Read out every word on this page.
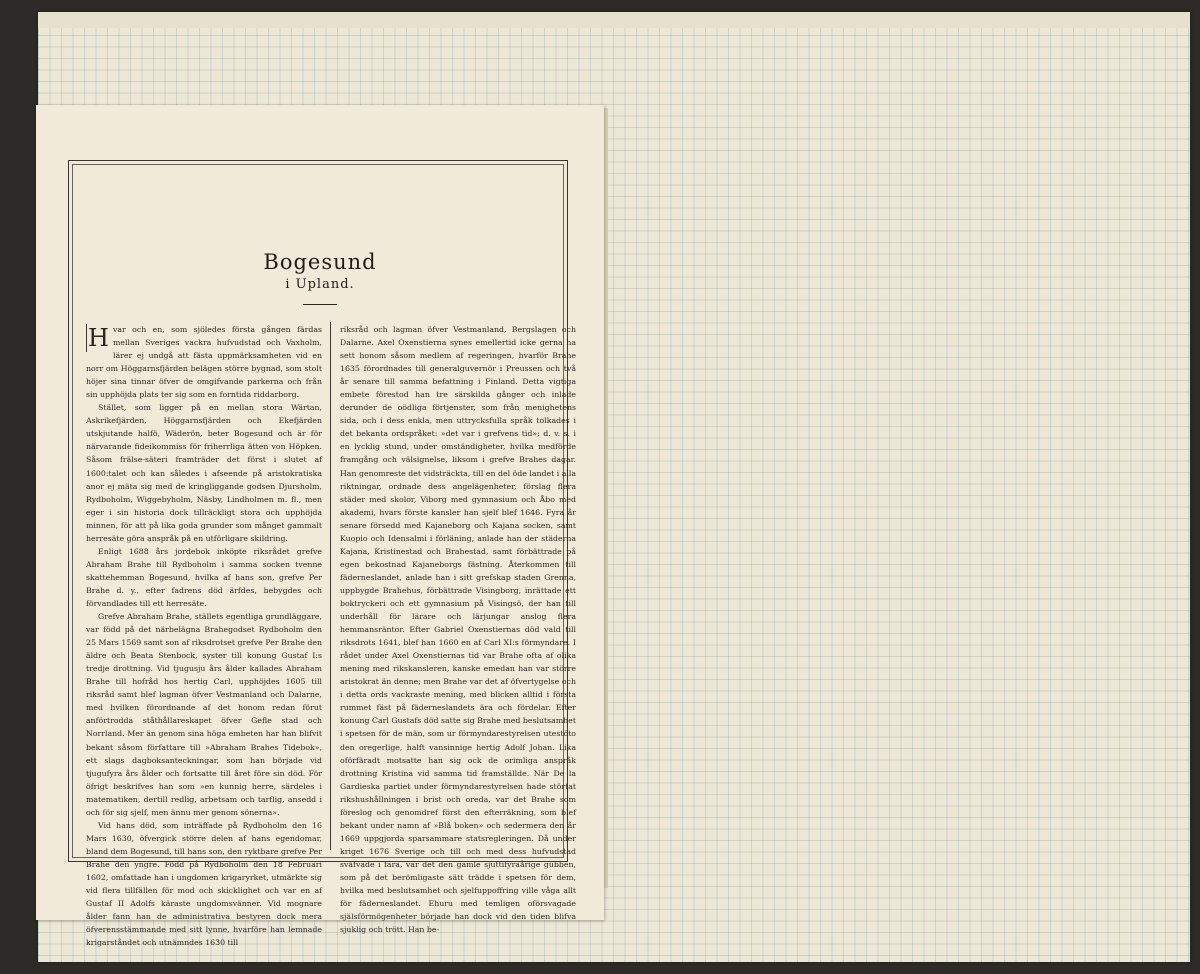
Bogesund
i Upland.

H var och en, som sjöledes första gången färdas mellan Sveriges vackra hufvudstad och Vaxholm, lärer ej undgå att fästa uppmärksamheten vid en norr om Höggarnsfjärden belägen större bygnad, som stolt höjer sina tinnar öfver de omgifvande parkerna och från sin upphöjda plats ter sig som en forntida riddarborg.

Stället, som ligger på en mellan stora Wärtan, Askrikefjärden, Höggarnsfjärden och Ekefjärden utskjutande halfö, Wäderön, beter Bogesund och är för närvarande fideikommiss för friherrliga ätten von Höpken. Såsom frälse-säteri framträder det först i slutet af 1600:talet och kan således i afseende på aristokratiska anor ej mäta sig med de kringliggande godsen Djursholm, Rydboholm, Wiggebyholm, Näsby, Lindholmen m. fl., men eger i sin historia dock tillräckligt stora och upphöjda minnen, för att på lika goda grunder som månget gammalt herresäte göra anspråk på en utförligare skildring.

Enligt 1688 års jordebok inköpte riksrådet grefve Abraham Brahe till Rydboholm i samma socken tvenne skattehemman Bogesund, hvilka af hans son, grefve Per Brahe d. y., efter fadrens död ärfdes, bebygdes och förvandlades till ett herresäte.

Grefve Abraham Brahe, ställets egentliga grundläggare, var född på det närbelägna Brahegodset Rydboholm den 25 Mars 1569 samt son af riksdrotset grefve Per Brahe den äldre och Beata Stenbock, syster till konung Gustaf I:s tredje drottning. Vid tjugusju års ålder kallades Abraham Brahe till hofråd hos hertig Carl, upphöjdes 1605 till riksråd samt blef lagman öfver Vestmanland och Dalarne, med hvilken förordnande af det honom redan förut anförtrodda ståthållareskapet öfver Gefle stad och Norrland. Mer än genom sina höga embeten har han blifvit bekant såsom författare till »Abraham Brahes Tidebok», ett slags dagboksanteckningar, som han började vid tjugufyra års ålder och fortsatte till året före sin död. För öfrigt beskrifves han som »en kunnig herre, särdeles i matematiken, dertill redlig, arbetsam och tarflig, ansedd i och för sig sjelf, men ännu mer genom sönerna».

Vid hans död, som inträffade på Rydboholm den 16 Mars 1630, öfvergick större delen af hans egendomar, bland dem Bogesund, till hans son, den ryktbare grefve Per Brahe den yngre. Född på Rydboholm den 18 Februari 1602, omfattade han i ungdomen krigaryrket, utmärkte sig vid flera tillfällen för mod och skicklighet och var en af Gustaf II Adolfs käraste ungdomsvänner. Vid mognare ålder fann han de administrativa bestyren dock mera öfverensstämmande med sitt lynne, hvarföre han lemnade krigarståndet och utnämndes 1630 till

riksråd och lagman öfver Vestmanland, Bergslagen och Dalarne. Axel Oxenstierna synes emellertid icke gerna ha sett honom såsom medlem af regeringen, hvarför Brahe 1635 förordnades till generalguvernör i Preussen och två år senare till samma befattning i Finland. Detta vigtiga embete förestod han tre särskilda gånger och inlade derunder de oödliga förtjenster, som från menighetens sida, och i dess enkla, men uttrycksfulla språk tolkades i det bekanta ordspråket: »det var i grefvens tid»; d. v. s. i en lycklig stund, under omständigheter, hvilka medförde framgång och välsignelse, liksom i grefve Brahes dagar. Han genomreste det vidsträckta, till en del öde landet i alla riktningar, ordnade dess angelägenheter, förslag flera städer med skolor, Viborg med gymnasium och Åbo med akademi, hvars förste kansler han sjelf blef 1646. Fyra år senare försedd med Kajaneborg och Kajana socken, samt Kuopio och Idensalmi i förläning, anlade han der städerna Kajana, Kristinestad och Brahestad, samt förbättrade på egen bekostnad Kajaneborgs fästning. Återkommen till fäderneslandet, anlade han i sitt grefskap staden Grenna, uppbygde Brahehus, förbättrade Visingborg, inrättade ett boktryckeri och ett gymnasium på Visingsö, der han till underhåll för lärare och lärjungar anslog flera hemmansräntor. Efter Gabriel Oxenstiernas död vald till riksdrots 1641, blef han 1660 en af Carl XI:s förmyndare. I rådet under Axel Oxenstiernas tid var Brahe ofta af olika mening med rikskansleren, kanske emedan han var större aristokrat än denne; men Brahe var det af öfvertygelse och i detta ords vackraste mening, med blicken alltid i första rummet fäst på fäderneslandets ära och fördelar. Efter konung Carl Gustafs död satte sig Brahe med beslutsamhet i spetsen för de män, som ur förmyndarestyrelsen utestöto den oregerlige, halft vansinnige hertig Adolf Johan. Lika oförfäradt motsatte han sig ock de orimliga anspråk drottning Kristina vid samma tid framställde. När De la Gardieska partiet under förmyndarestyrelsen hade störtat rikshushållningen i brist och oreda, var det Brahe som föreslog och genomdref först den efterräkning, som blef bekant under namn af »Blå boken» och sedermera den år 1669 uppgjorda sparsammare statsregleringen. Då under kriget 1676 Sverige och till och med dess hufvudstad sväfvade i fara, var det den gamle sjuttifyraårige gubben, som på det berömligaste sätt trädde i spetsen för dem, hvilka med beslutsamhet och sjelfuppoffring ville våga allt för fäderneslandet. Ehuru med temligen oförsvagade själsförmögenheter började han dock vid den tiden blifva sjuklig och trött. Han be-
